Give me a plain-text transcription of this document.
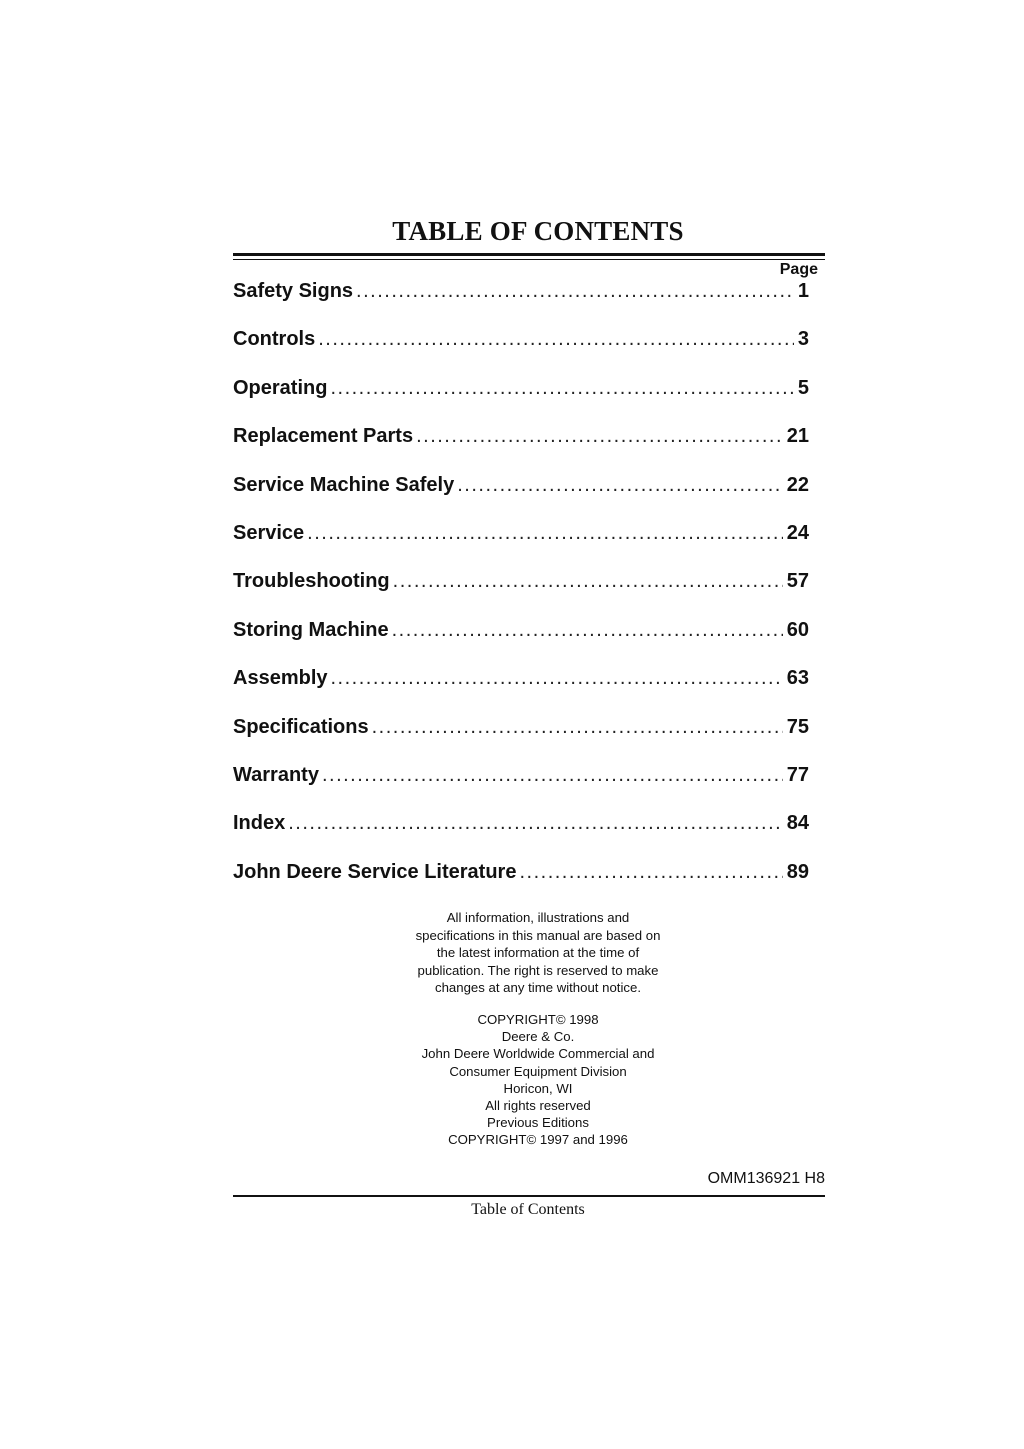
TABLE OF CONTENTS
Page
Safety Signs .....	1
Controls .....	3
Operating .....	5
Replacement Parts .....	21
Service Machine Safely .....	22
Service .....	24
Troubleshooting .....	57
Storing Machine .....	60
Assembly .....	63
Specifications .....	75
Warranty .....	77
Index .....	84
John Deere Service Literature .....	89
All information, illustrations and
specifications in this manual are based on
the latest information at the time of
publication. The right is reserved to make
changes at any time without notice.
COPYRIGHT© 1998
Deere & Co.
John Deere Worldwide Commercial and
Consumer Equipment Division
Horicon, WI
All rights reserved
Previous Editions
COPYRIGHT© 1997 and 1996
OMM136921 H8
Table of Contents
